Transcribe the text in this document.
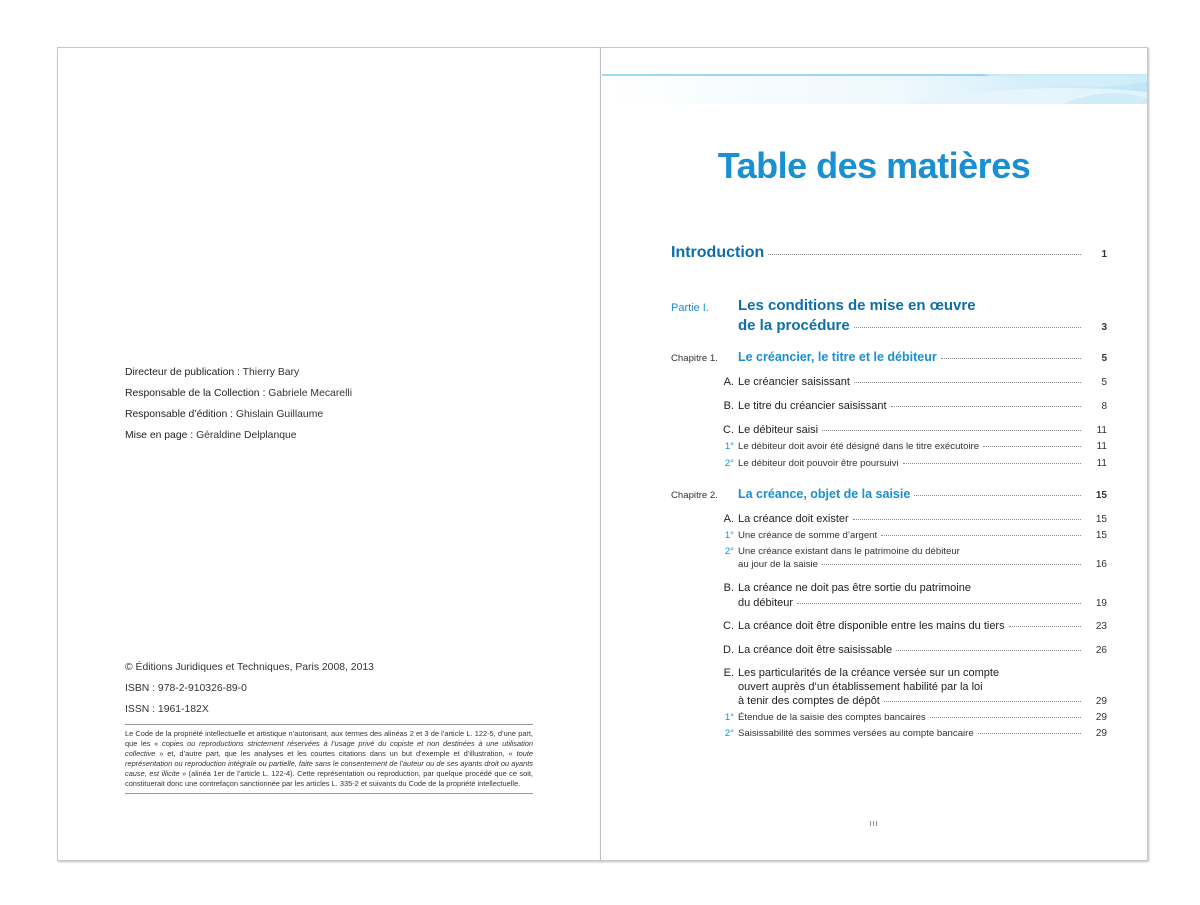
Directeur de publication : Thierry Bary
Responsable de la Collection : Gabriele Mecarelli
Responsable d’édition : Ghislain Guillaume
Mise en page : Géraldine Delplanque
© Éditions Juridiques et Techniques, Paris 2008, 2013
ISBN : 978-2-910326-89-0
ISSN : 1961-182X
Le Code de la propriété intellectuelle et artistique n’autorisant, aux termes des alinéas 2 et 3 de l’article L. 122-5, d’une part, que les « copies ou reproductions strictement réservées à l’usage privé du copiste et non destinées à une utilisation collective » et, d’autre part, que les analyses et les courtes citations dans un but d’exemple et d’illustration, « toute représentation ou reproduction intégrale ou partielle, faite sans le consentement de l’auteur ou de ses ayants droit ou ayants cause, est illicite » (alinéa 1er de l’article L. 122-4). Cette représentation ou reproduction, par quelque procédé que ce soit, constituerait donc une contrefaçon sanctionnée par les articles L. 335-2 et suivants du Code de la propriété intellectuelle.
Table des matières
Introduction	1
Partie I. Les conditions de mise en œuvre
de la procédure	3
Chapitre 1. Le créancier, le titre et le débiteur	5
A. Le créancier saisissant	5
B. Le titre du créancier saisissant	8
C. Le débiteur saisi	11
1° Le débiteur doit avoir été désigné dans le titre exécutoire	11
2° Le débiteur doit pouvoir être poursuivi	11
Chapitre 2. La créance, objet de la saisie	15
A. La créance doit exister	15
1° Une créance de somme d’argent	15
2° Une créance existant dans le patrimoine du débiteur
au jour de la saisie	16
B. La créance ne doit pas être sortie du patrimoine
du débiteur	19
C. La créance doit être disponible entre les mains du tiers	23
D. La créance doit être saisissable	26
E. Les particularités de la créance versée sur un compte
ouvert auprès d’un établissement habilité par la loi
à tenir des comptes de dépôt	29
1° Étendue de la saisie des comptes bancaires	29
2° Saisissabilité des sommes versées au compte bancaire	29
III
